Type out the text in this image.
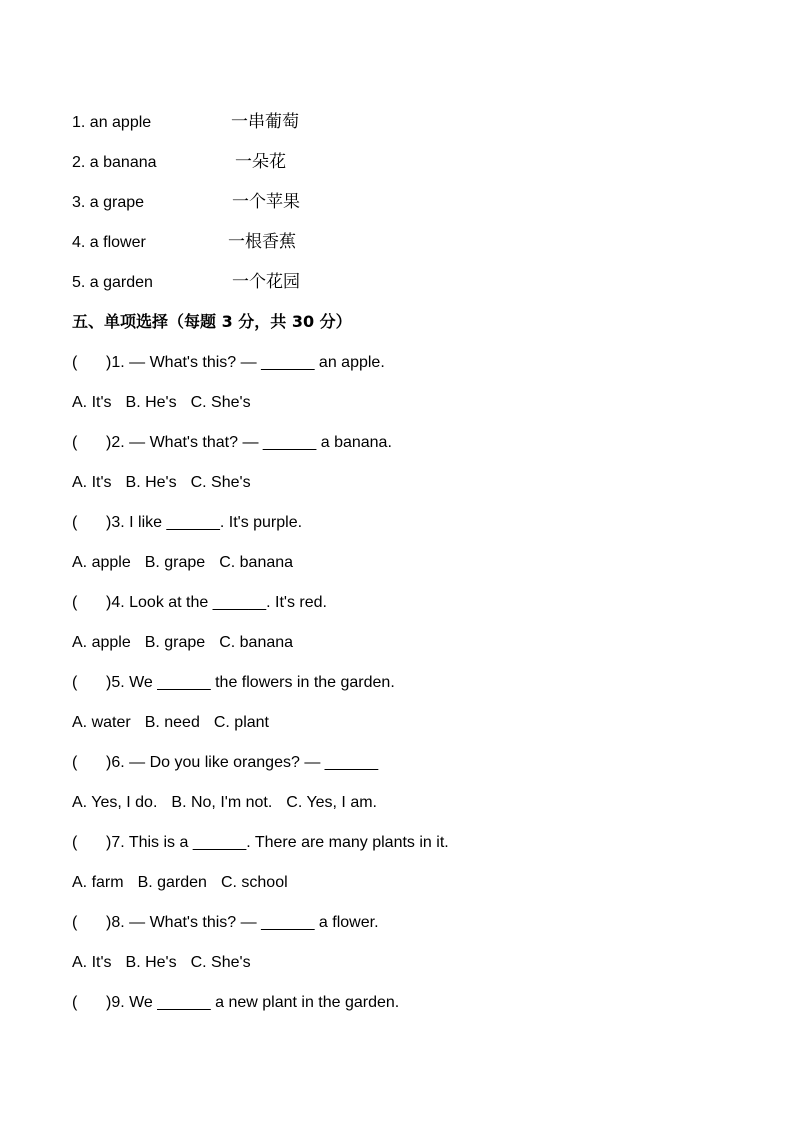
1. an apple	一串葡萄
2. a banana	一朵花
3. a grape	一个苹果
4. a flower	一根香蕉
5. a garden	一个花园
五、单项选择（每题 3 分，共 30 分）
( )1. — What's this? — ______ an apple.
A. It's B. He's C. She's
( )2. — What's that? — ______ a banana.
A. It's B. He's C. She's
( )3. I like ______. It's purple.
A. apple B. grape C. banana
( )4. Look at the ______. It's red.
A. apple B. grape C. banana
( )5. We ______ the flowers in the garden.
A. water B. need C. plant
( )6. — Do you like oranges? — ______
A. Yes, I do. B. No, I'm not. C. Yes, I am.
( )7. This is a ______. There are many plants in it.
A. farm B. garden C. school
( )8. — What's this? — ______ a flower.
A. It's B. He's C. She's
( )9. We ______ a new plant in the garden.
